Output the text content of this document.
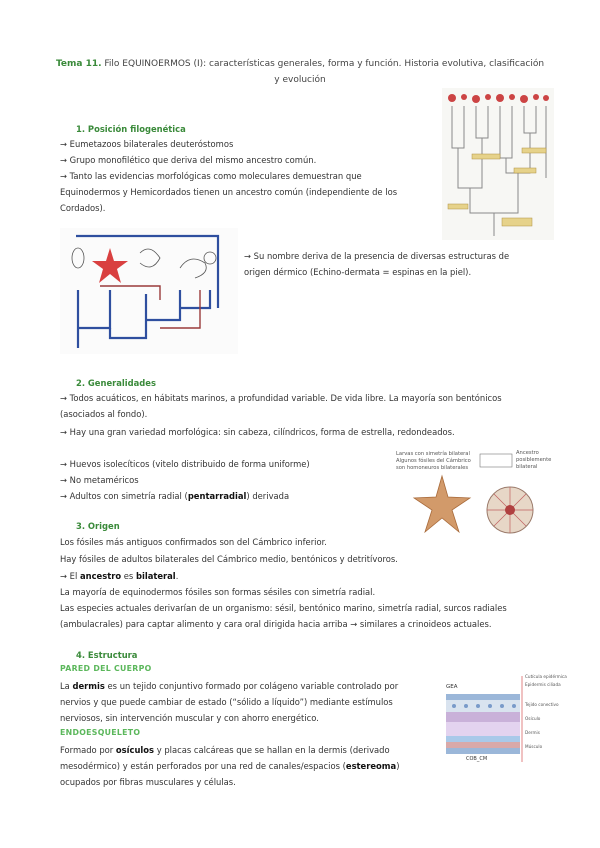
Tema 11. Filo EQUINOERMOS (I): características generales, forma y función. Historia evolutiva, clasificación
y evolución
1. Posición filogenética
→ Eumetazoos bilaterales deuteróstomos
→ Grupo monofilético que deriva del mismo ancestro común.
→ Tanto las evidencias morfológicas como moleculares demuestran que
Equinodermos y Hemicordados tienen un ancestro común (independiente de los
Cordados).
→ Su nombre deriva de la presencia de diversas estructuras de
origen dérmico (Echino-dermata = espinas en la piel).
2. Generalidades
→ Todos acuáticos, en hábitats marinos, a profundidad variable. De vida libre. La mayoría son bentónicos
(asociados al fondo).
→ Hay una gran variedad morfológica: sin cabeza, cilíndricos, forma de estrella, redondeados.
→ Huevos isolecíticos (vitelo distribuido de forma uniforme)
→ No metaméricos
→ Adultos con simetría radial (pentarradial) derivada
Larvas con simetría bilateral
Algunos fósiles del Cámbrico
son homoneuros bilaterales
Ancestro
posiblemente
bilateral
3. Origen
Los fósiles más antiguos confirmados son del Cámbrico inferior.
Hay fósiles de adultos bilaterales del Cámbrico medio, bentónicos y detritívoros.
→ El ancestro es bilateral.
La mayoría de equinodermos fósiles son formas sésiles con simetría radial.
Las especies actuales derivarían de un organismo: sésil, bentónico marino, simetría radial, surcos radiales
(ambulacrales) para captar alimento y cara oral dirigida hacia arriba → similares a crinoideos actuales.
4. Estructura
PARED DEL CUERPO
La dermis es un tejido conjuntivo formado por colágeno variable controlado por
nervios y que puede cambiar de estado (“sólido a líquido”) mediante estímulos
nerviosos, sin intervención muscular y con ahorro energético.
ENDOESQUELETO
Formado por osículos y placas calcáreas que se hallan en la dermis (derivado
mesodérmico) y están perforados por una red de canales/espacios (estereoma)
ocupados por fibras musculares y células.
GEA
COB_CM
Cutícula epidérmica
Epidermis ciliada
Tejido conectivo
Osículo
Dermis
Músculo
